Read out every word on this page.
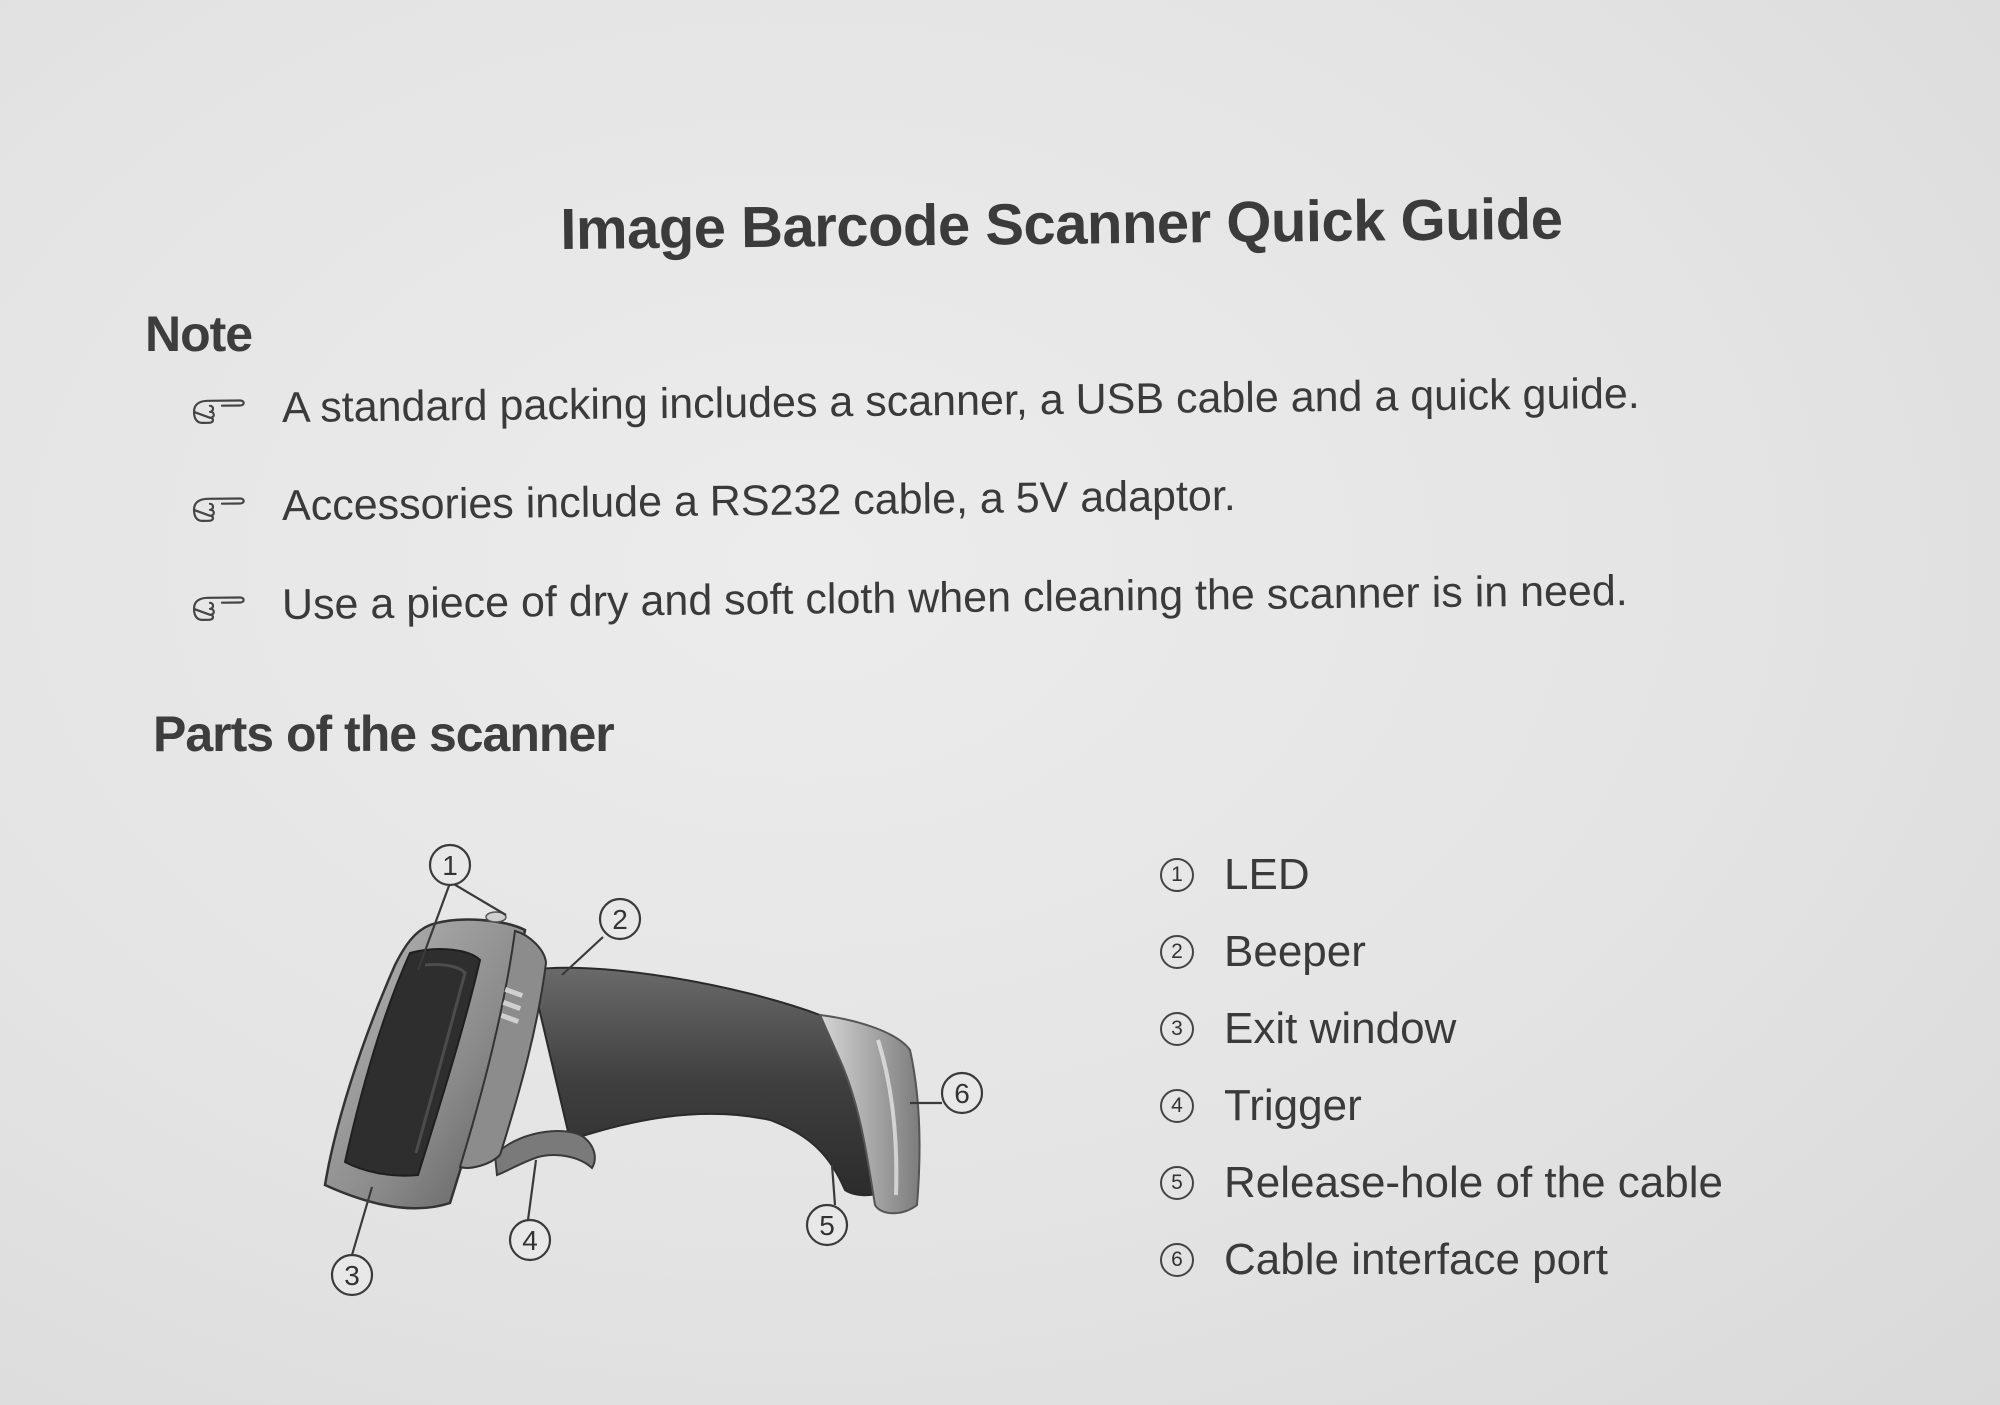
Image Barcode Scanner Quick Guide
Note
A standard packing includes a scanner, a USB cable and a quick guide.
Accessories include a RS232 cable, a 5V adaptor.
Use a piece of dry and soft cloth when cleaning the scanner is in need.
Parts of the scanner
1
2
3
4	5
6
1 LED
2 Beeper
3 Exit window
4 Trigger
5 Release-hole of the cable
6 Cable interface port
